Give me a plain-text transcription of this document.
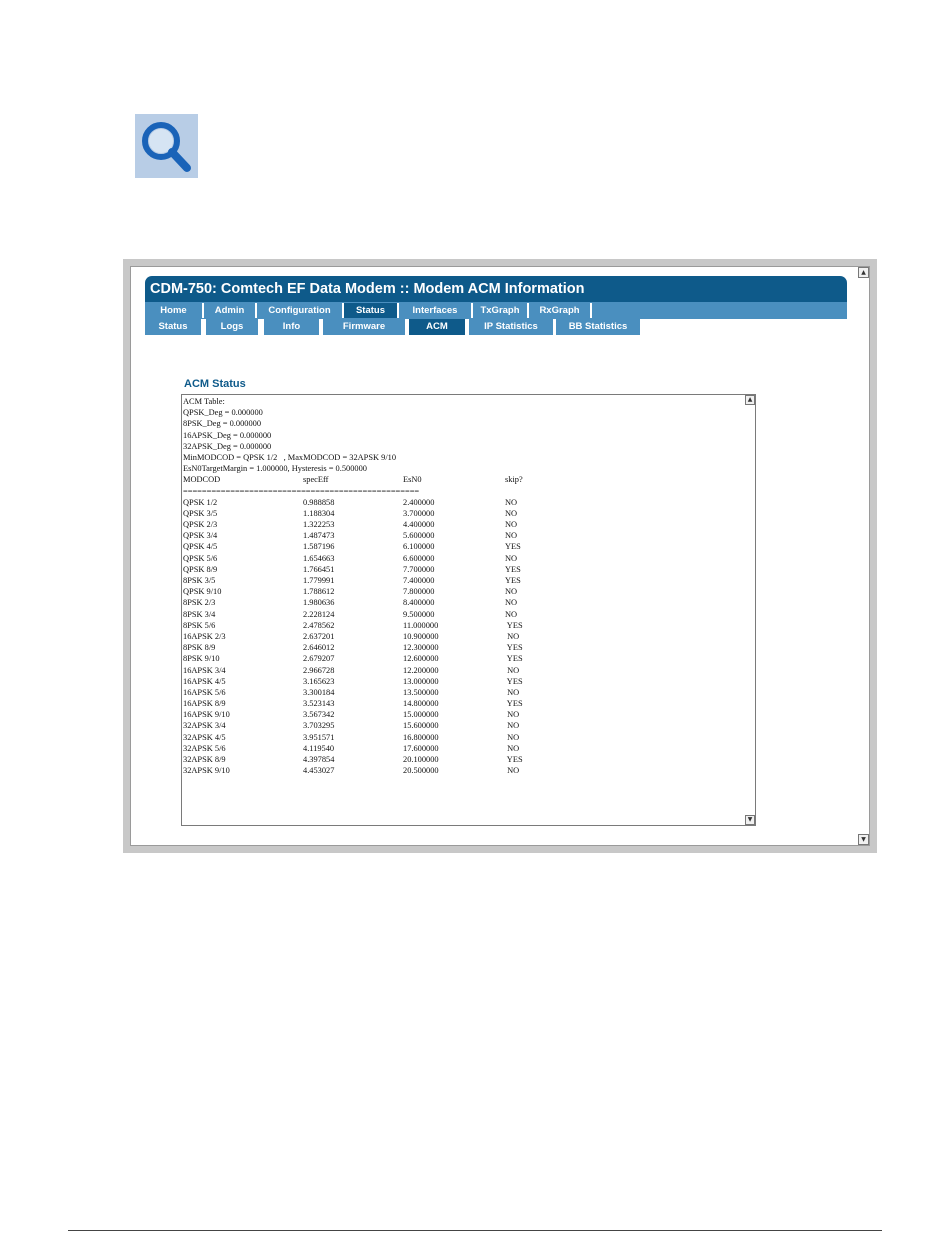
CDM-750: Comtech EF Data Modem :: Modem ACM Information
Home	Admin	Configuration	Status	Interfaces	TxGraph	RxGraph
Status	Logs	Info	Firmware	ACM	IP Statistics	BB Statistics
ACM Status
ACM Table:
QPSK_Deg = 0.000000
8PSK_Deg = 0.000000
16APSK_Deg = 0.000000
32APSK_Deg = 0.000000
MinMODCOD = QPSK 1/2   , MaxMODCOD = 32APSK 9/10
EsN0TargetMargin = 1.000000, Hysteresis = 0.500000
MODCOD	specEff	EsN0	skip?
==================================================
QPSK 1/2	0.988858	2.400000	NO
QPSK 3/5	1.188304	3.700000	NO
QPSK 2/3	1.322253	4.400000	NO
QPSK 3/4	1.487473	5.600000	NO
QPSK 4/5	1.587196	6.100000	YES
QPSK 5/6	1.654663	6.600000	NO
QPSK 8/9	1.766451	7.700000	YES
8PSK 3/5	1.779991	7.400000	YES
QPSK 9/10	1.788612	7.800000	NO
8PSK 2/3	1.980636	8.400000	NO
8PSK 3/4	2.228124	9.500000	NO
8PSK 5/6	2.478562	11.000000	YES
16APSK 2/3	2.637201	10.900000	NO
8PSK 8/9	2.646012	12.300000	YES
8PSK 9/10	2.679207	12.600000	YES
16APSK 3/4	2.966728	12.200000	NO
16APSK 4/5	3.165623	13.000000	YES
16APSK 5/6	3.300184	13.500000	NO
16APSK 8/9	3.523143	14.800000	YES
16APSK 9/10	3.567342	15.000000	NO
32APSK 3/4	3.703295	15.600000	NO
32APSK 4/5	3.951571	16.800000	NO
32APSK 5/6	4.119540	17.600000	NO
32APSK 8/9	4.397854	20.100000	YES
32APSK 9/10	4.453027	20.500000	NO
▲
▼
▲
▼
